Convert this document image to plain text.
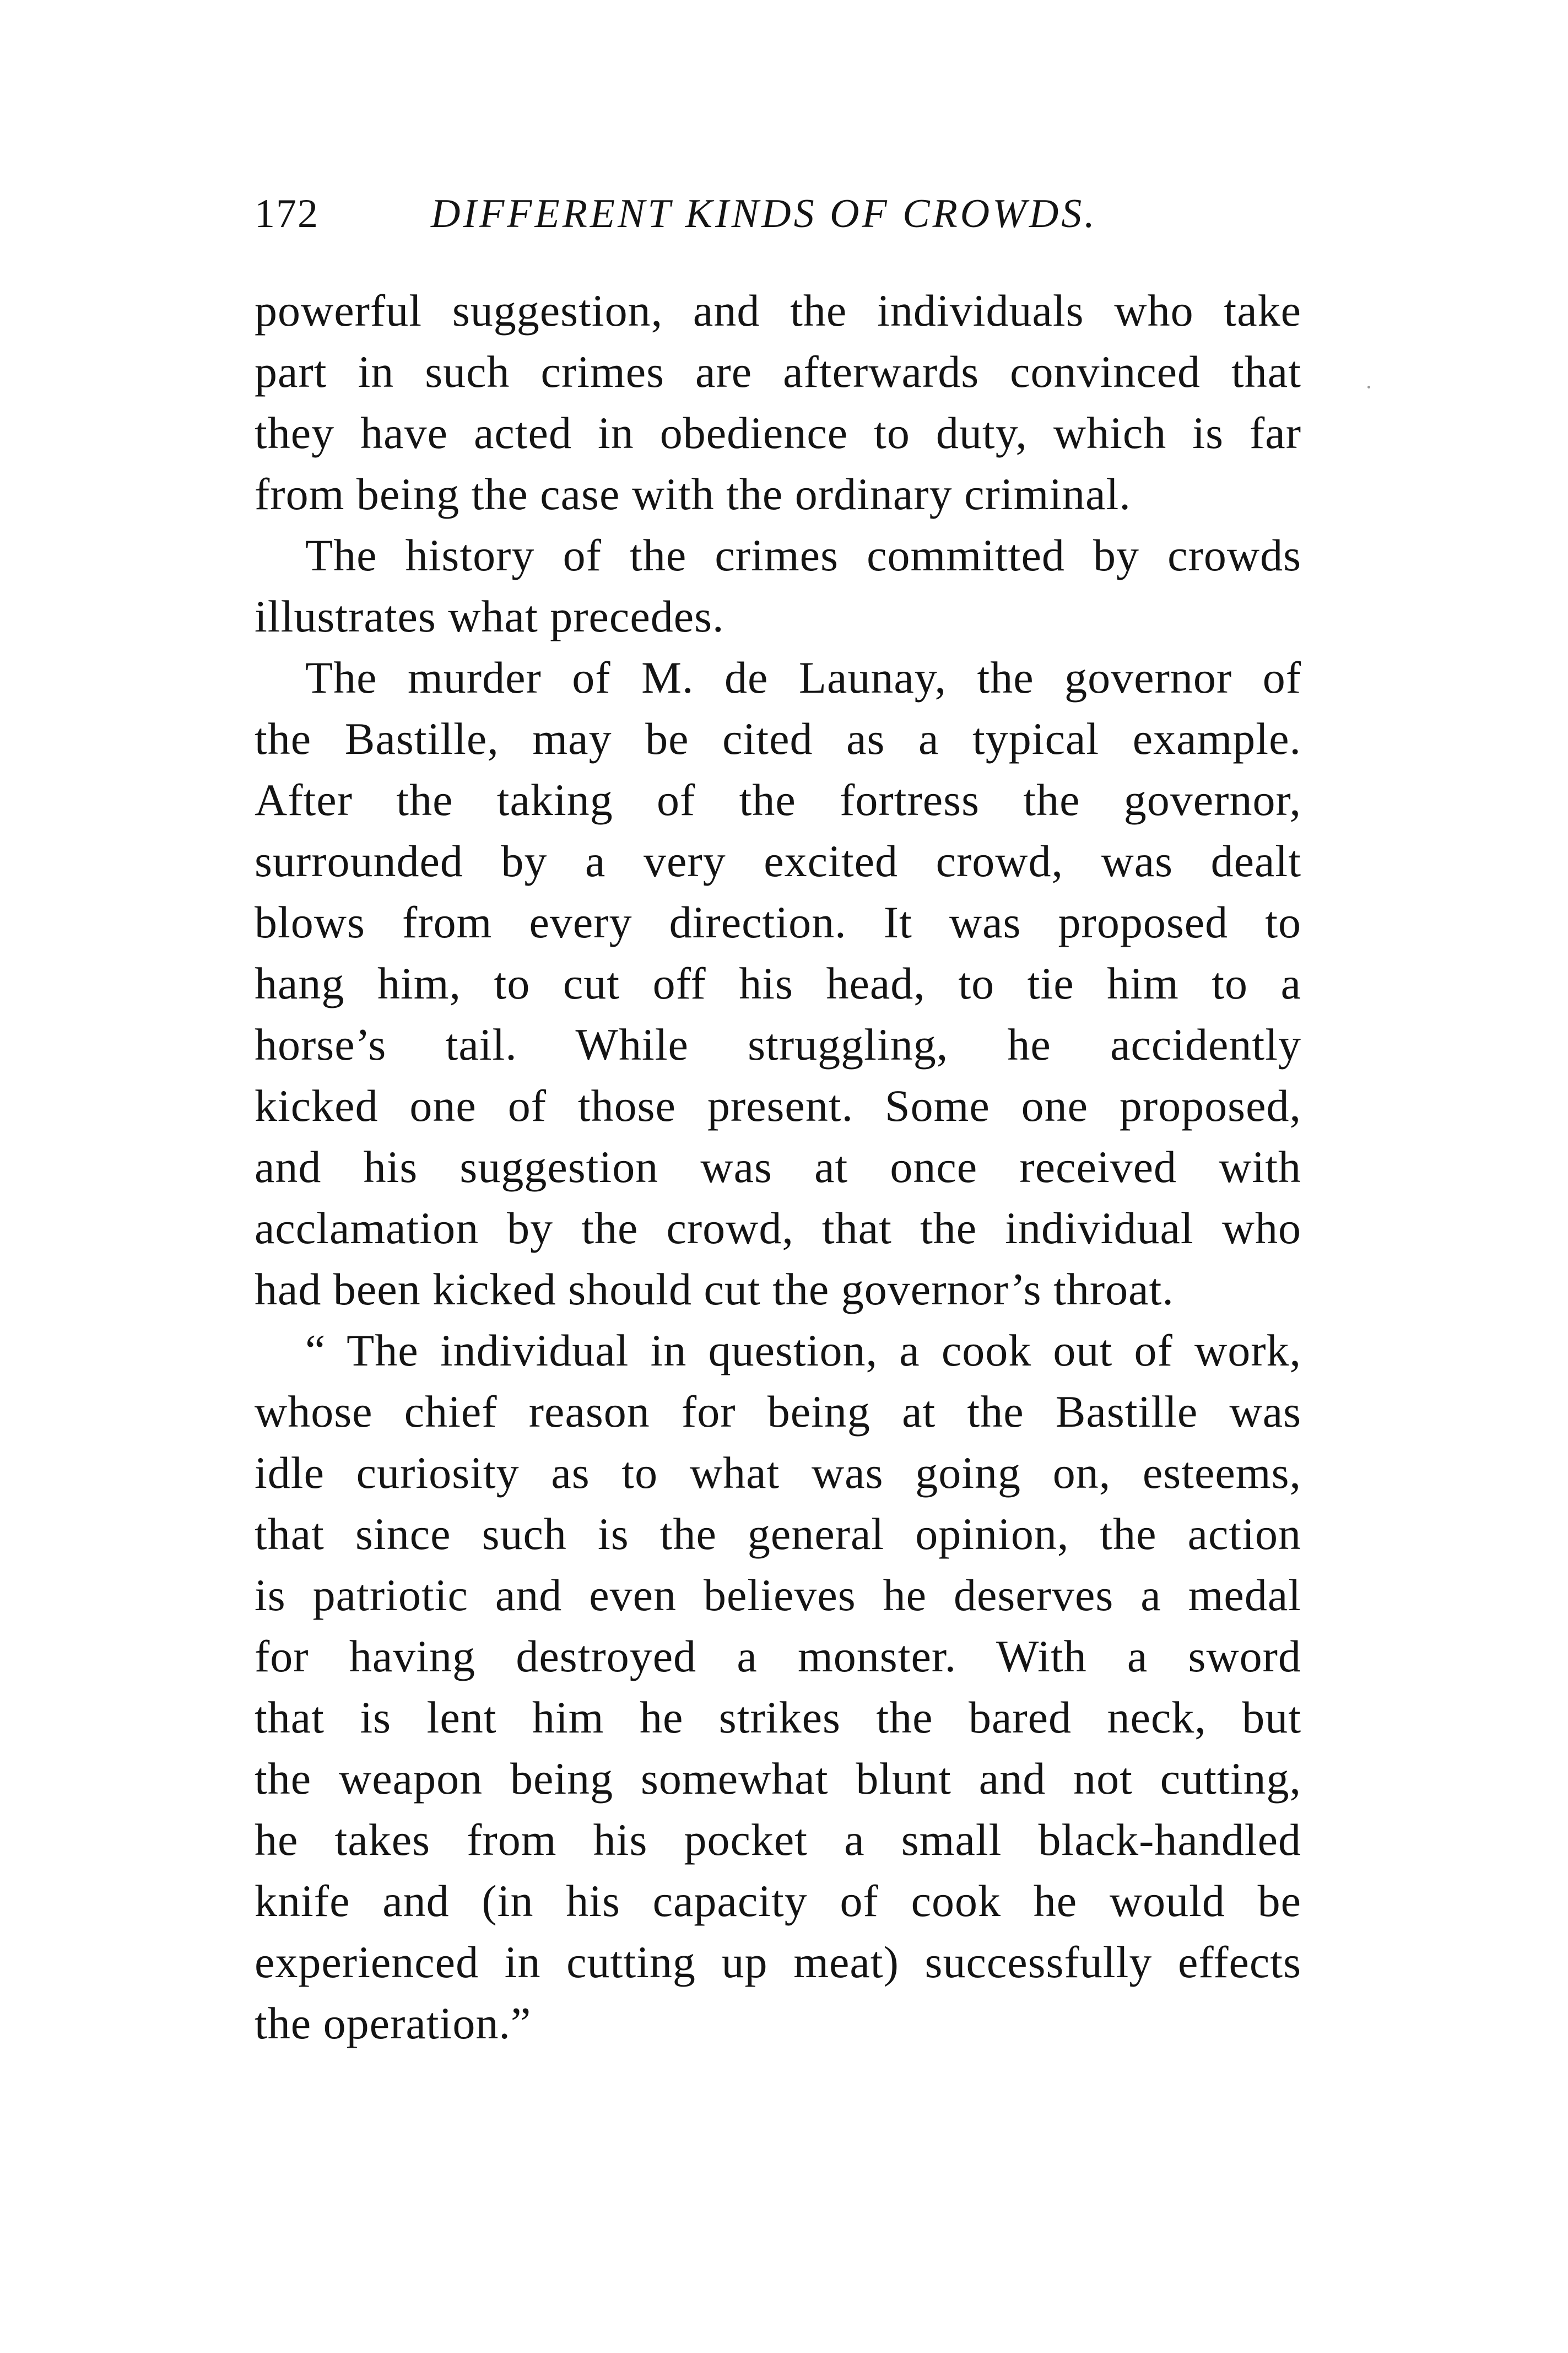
172	DIFFERENT KINDS OF CROWDS.
powerful suggestion, and the individuals who take
part in such crimes are afterwards convinced that
they have acted in obedience to duty, which is far
from being the case with the ordinary criminal.
The history of the crimes committed by crowds
illustrates what precedes.
The murder of M. de Launay, the governor of
the Bastille, may be cited as a typical example.
After the taking of the fortress the governor,
surrounded by a very excited crowd, was dealt
blows from every direction. It was proposed to
hang him, to cut off his head, to tie him to a
horse’s tail. While struggling, he accidently
kicked one of those present. Some one proposed,
and his suggestion was at once received with
acclamation by the crowd, that the individual who
had been kicked should cut the governor’s throat.
“ The individual in question, a cook out of work,
whose chief reason for being at the Bastille was
idle curiosity as to what was going on, esteems,
that since such is the general opinion, the action
is patriotic and even believes he deserves a medal
for having destroyed a monster. With a sword
that is lent him he strikes the bared neck, but
the weapon being somewhat blunt and not cutting,
he takes from his pocket a small black-handled
knife and (in his capacity of cook he would be
experienced in cutting up meat) successfully effects
the operation.”
